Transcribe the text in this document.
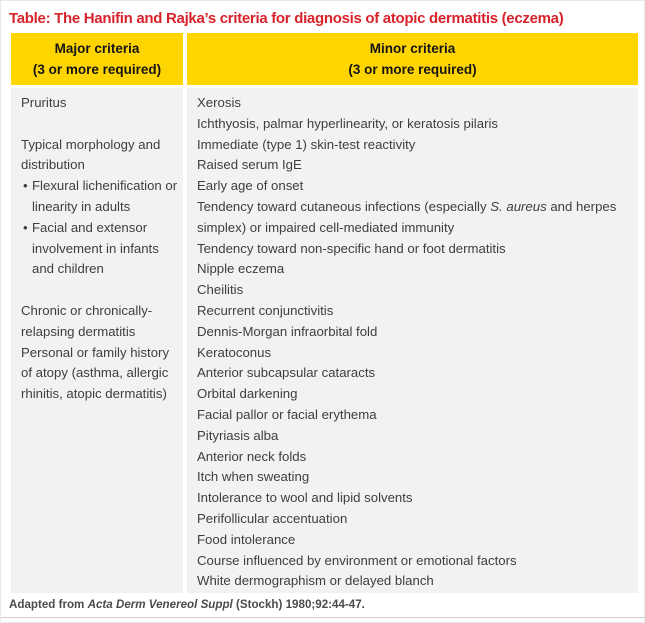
Table: The Hanifin and Rajka’s criteria for diagnosis of atopic dermatitis (eczema)
Major criteria
(3 or more required)
Minor criteria
(3 or more required)
Pruritus
Typical morphology and distribution
• Flexural lichenification or linearity in adults
• Facial and extensor involvement in infants and children
Chronic or chronically-relapsing dermatitis
Personal or family history of atopy (asthma, allergic rhinitis, atopic dermatitis)
Xerosis
Ichthyosis, palmar hyperlinearity, or keratosis pilaris
Immediate (type 1) skin-test reactivity
Raised serum IgE
Early age of onset
Tendency toward cutaneous infections (especially S. aureus and herpes simplex) or impaired cell-mediated immunity
Tendency toward non-specific hand or foot dermatitis
Nipple eczema
Cheilitis
Recurrent conjunctivitis
Dennis-Morgan infraorbital fold
Keratoconus
Anterior subcapsular cataracts
Orbital darkening
Facial pallor or facial erythema
Pityriasis alba
Anterior neck folds
Itch when sweating
Intolerance to wool and lipid solvents
Perifollicular accentuation
Food intolerance
Course influenced by environment or emotional factors
White dermographism or delayed blanch
Adapted from Acta Derm Venereol Suppl (Stockh) 1980;92:44-47.
